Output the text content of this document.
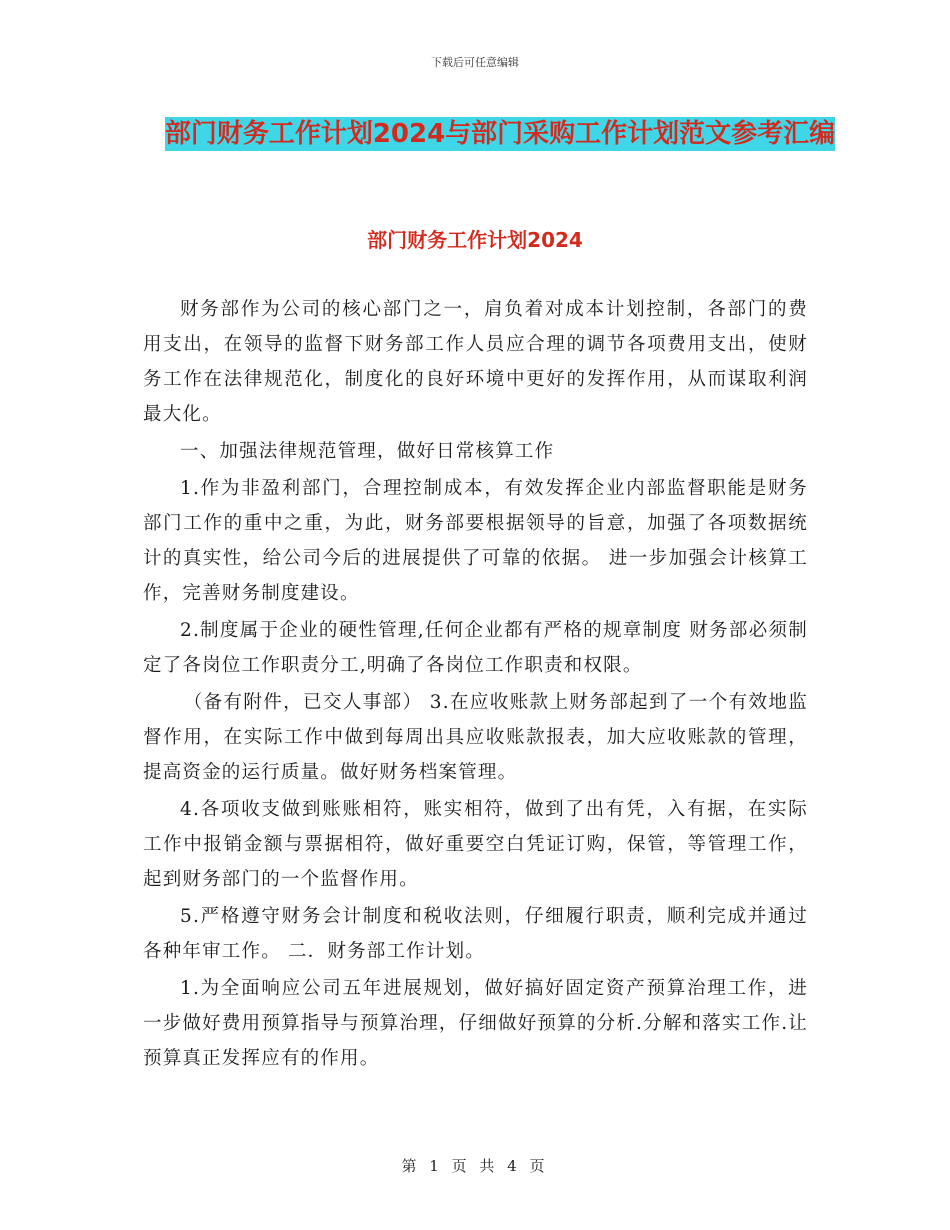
下载后可任意编辑
部门财务工作计划2024与部门采购工作计划范文参考汇编
部门财务工作计划2024

财务部作为公司的核心部门之一，肩负着对成本计划控制，各部门的费用支出，在领导的监督下财务部工作人员应合理的调节各项费用支出，使财务工作在法律规范化，制度化的良好环境中更好的发挥作用，从而谋取利润最大化。

一、加强法律规范管理，做好日常核算工作

1.作为非盈利部门，合理控制成本，有效发挥企业内部监督职能是财务部门工作的重中之重，为此，财务部要根据领导的旨意，加强了各项数据统计的真实性，给公司今后的进展提供了可靠的依据。 进一步加强会计核算工作，完善财务制度建设。

2.制度属于企业的硬性管理,任何企业都有严格的规章制度 财务部必须制定了各岗位工作职责分工,明确了各岗位工作职责和权限。

（备有附件，已交人事部） 3.在应收账款上财务部起到了一个有效地监督作用，在实际工作中做到每周出具应收账款报表，加大应收账款的管理，提高资金的运行质量。做好财务档案管理。

4.各项收支做到账账相符，账实相符，做到了出有凭，入有据，在实际工作中报销金额与票据相符，做好重要空白凭证订购，保管，等管理工作，起到财务部门的一个监督作用。

5.严格遵守财务会计制度和税收法则，仔细履行职责，顺利完成并通过各种年审工作。 二．财务部工作计划。

1.为全面响应公司五年进展规划，做好搞好固定资产预算治理工作，进一步做好费用预算指导与预算治理，仔细做好预算的分析.分解和落实工作.让预算真正发挥应有的作用。

第 1 页 共 4 页
